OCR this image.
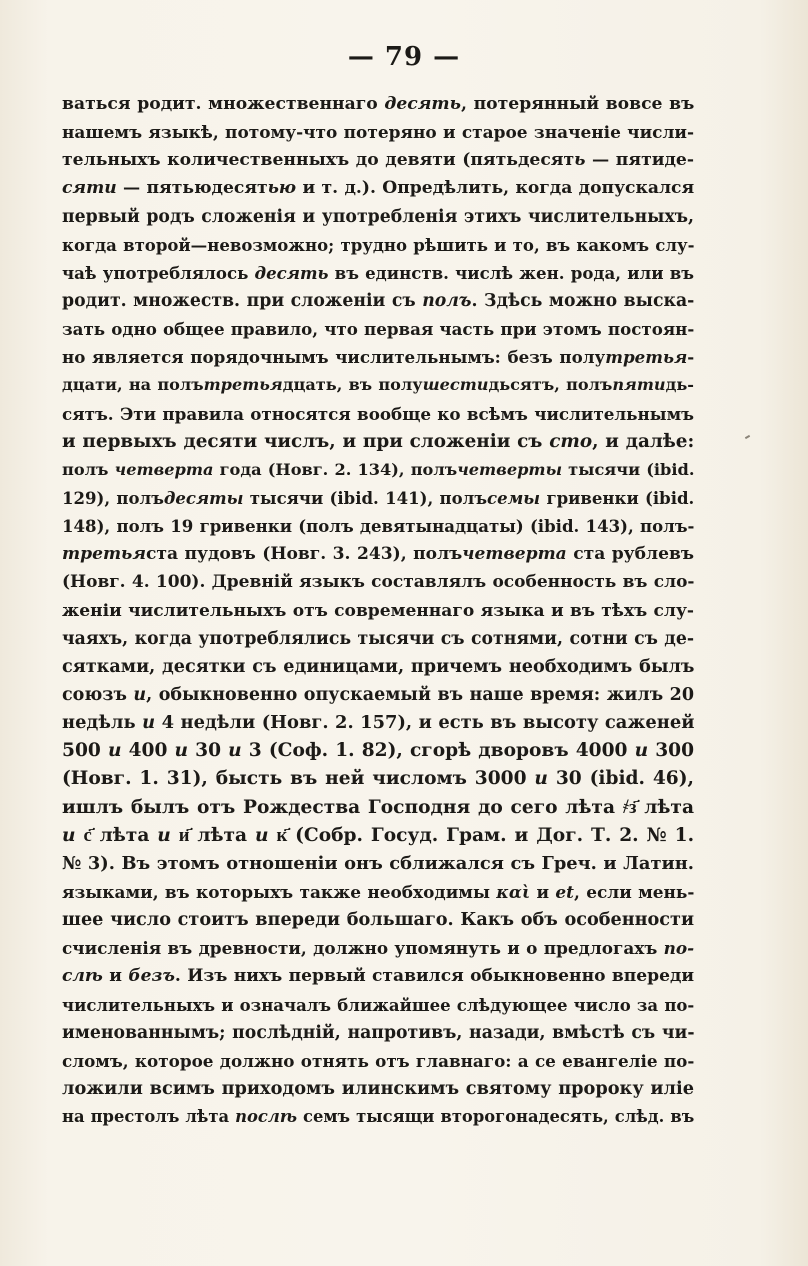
— 79 —
ваться родит. множественнаго десять, потерянный вовсе въ
нашемъ языкѣ, потому-что потеряно и старое значеніе числи-
тельныхъ количественныхъ до девяти (пятьдесять — пятиде-
сяти — пятьюдесятью и т. д.). Опредѣлить, когда допускался
первый родъ сложенія и употребленія этихъ числительныхъ,
когда второй—невозможно; трудно рѣшить и то, въ какомъ слу-
чаѣ употреблялось десять въ единств. числѣ жен. рода, или въ
родит. множеств. при сложеніи съ полъ. Здѣсь можно выска-
зать одно общее правило, что первая часть при этомъ постоян-
но является порядочнымъ числительнымъ: безъ полутретья-
дцати, на полътретьядцать, въ полушестидьсятъ, полъпятидь-
сятъ. Эти правила относятся вообще ко всѣмъ числительнымъ
и первыхъ десяти числъ, и при сложеніи съ сто, и далѣе:
полъ четверта года (Новг. 2. 134), полъчетверты тысячи (ibid.
129), полъдесяты тысячи (ibid. 141), полъсемы гривенки (ibid.
148), полъ 19 гривенки (полъ девятынадцаты) (ibid. 143), полъ-
третьяста пудовъ (Новг. 3. 243), полъчетверта ста рублевъ
(Новг. 4. 100). Древній языкъ составлялъ особенность въ сло-
женіи числительныхъ отъ современнаго языка и въ тѣхъ слу-
чаяхъ, когда употреблялись тысячи съ сотнями, сотни съ де-
сятками, десятки съ единицами, причемъ необходимъ былъ
союзъ и, обыкновенно опускаемый въ наше время: жилъ 20
недѣль и 4 недѣли (Новг. 2. 157), и есть въ высоту саженей
500 и 400 и 30 и 3 (Соф. 1. 82), сгорѣ дворовъ 4000 и 300
(Новг. 1. 31), бысть въ ней числомъ 3000 и 30 (ibid. 46),
ишлъ былъ отъ Рождества Господня до сего лѣта ҂з҃ лѣта
и с҃ лѣта и и҃ лѣта и к҃ (Собр. Госуд. Грам. и Дог. Т. 2. № 1.
№ 3). Въ этомъ отношеніи онъ сближался съ Греч. и Латин.
языками, въ которыхъ также необходимы καὶ и et, если мень-
шее число стоитъ впереди большаго. Какъ объ особенности
счисленія въ древности, должно упомянуть и о предлогахъ по-
слѣ и безъ. Изъ нихъ первый ставился обыкновенно впереди
числительныхъ и означалъ ближайшее слѣдующее число за по-
именованнымъ; послѣдній, напротивъ, назади, вмѣстѣ съ чи-
сломъ, которое должно отнять отъ главнаго: а се евангеліе по-
ложили всимъ приходомъ илинскимъ святому пророку иліе
на престолъ лѣта послѣ семъ тысящи второгонадесять, слѣд. въ
